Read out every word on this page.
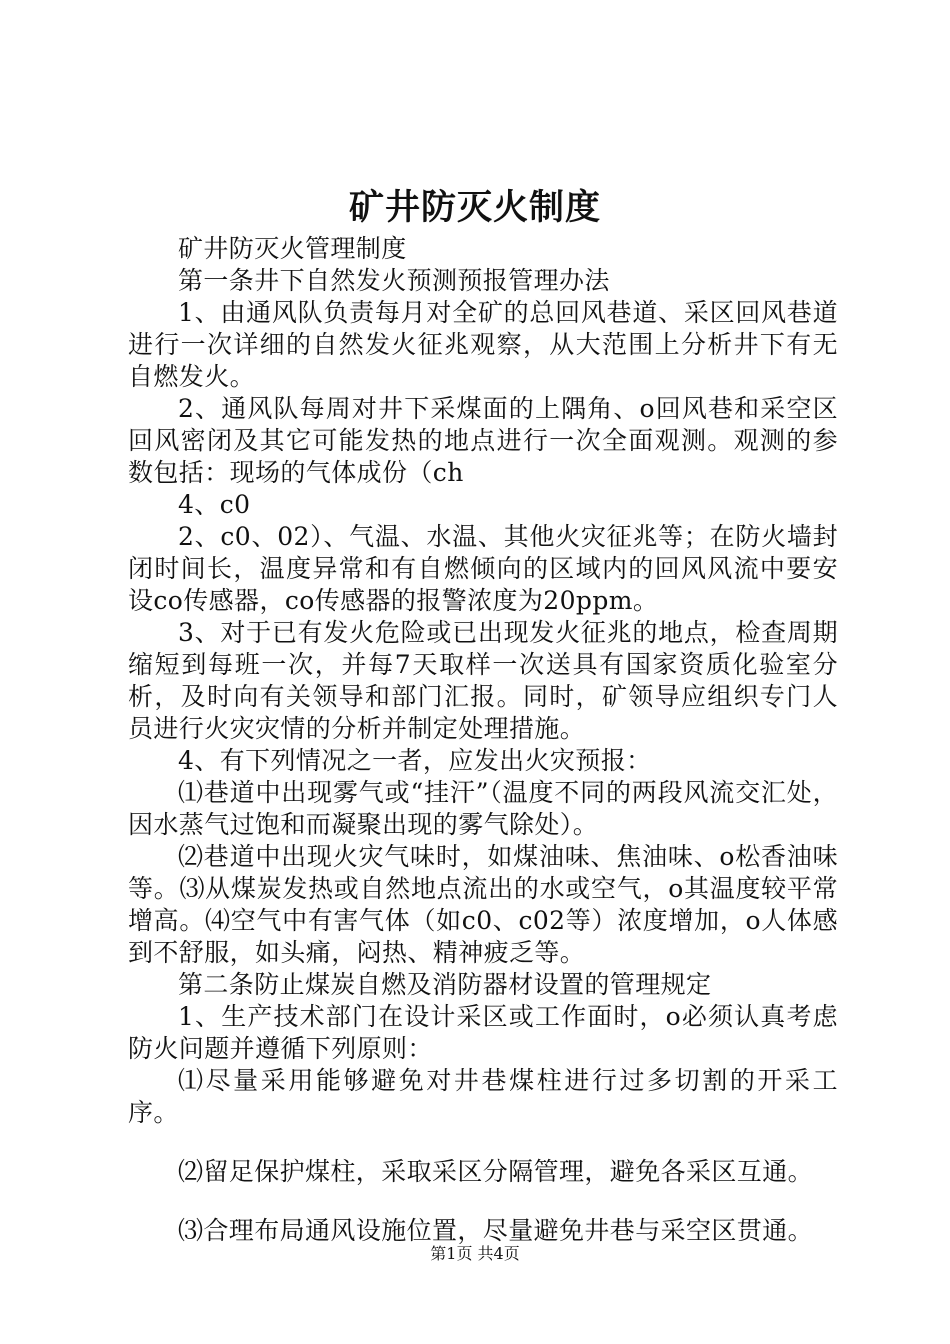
矿井防灭火制度

矿井防灭火管理制度

第一条井下自然发火预测预报管理办法

1、由通风队负责每月对全矿的总回风巷道、采区回风巷道进行一次详细的自然发火征兆观察，从大范围上分析井下有无自燃发火。

2、通风队每周对井下采煤面的上隅角、o回风巷和采空区回风密闭及其它可能发热的地点进行一次全面观测。观测的参数包括：现场的气体成份（ch

4、c0

2、c0、02）、气温、水温、其他火灾征兆等；在防火墙封闭时间长，温度异常和有自燃倾向的区域内的回风风流中要安设co传感器，co传感器的报警浓度为20ppm。

3、对于已有发火危险或已出现发火征兆的地点，检查周期缩短到每班一次，并每7天取样一次送具有国家资质化验室分析，及时向有关领导和部门汇报。同时，矿领导应组织专门人员进行火灾灾情的分析并制定处理措施。

4、有下列情况之一者，应发出火灾预报：

⑴巷道中出现雾气或“挂汗”（温度不同的两段风流交汇处，因水蒸气过饱和而凝聚出现的雾气除处）。

⑵巷道中出现火灾气味时，如煤油味、焦油味、o松香油味等。⑶从煤炭发热或自然地点流出的水或空气，o其温度较平常增高。⑷空气中有害气体（如c0、c02等）浓度增加，o人体感到不舒服，如头痛，闷热、精神疲乏等。

第二条防止煤炭自燃及消防器材设置的管理规定

1、生产技术部门在设计采区或工作面时，o必须认真考虑防火问题并遵循下列原则：

⑴尽量采用能够避免对井巷煤柱进行过多切割的开采工序。

⑵留足保护煤柱，采取采区分隔管理，避免各采区互通。

⑶合理布局通风设施位置，尽量避免井巷与采空区贯通。

第1页 共4页
